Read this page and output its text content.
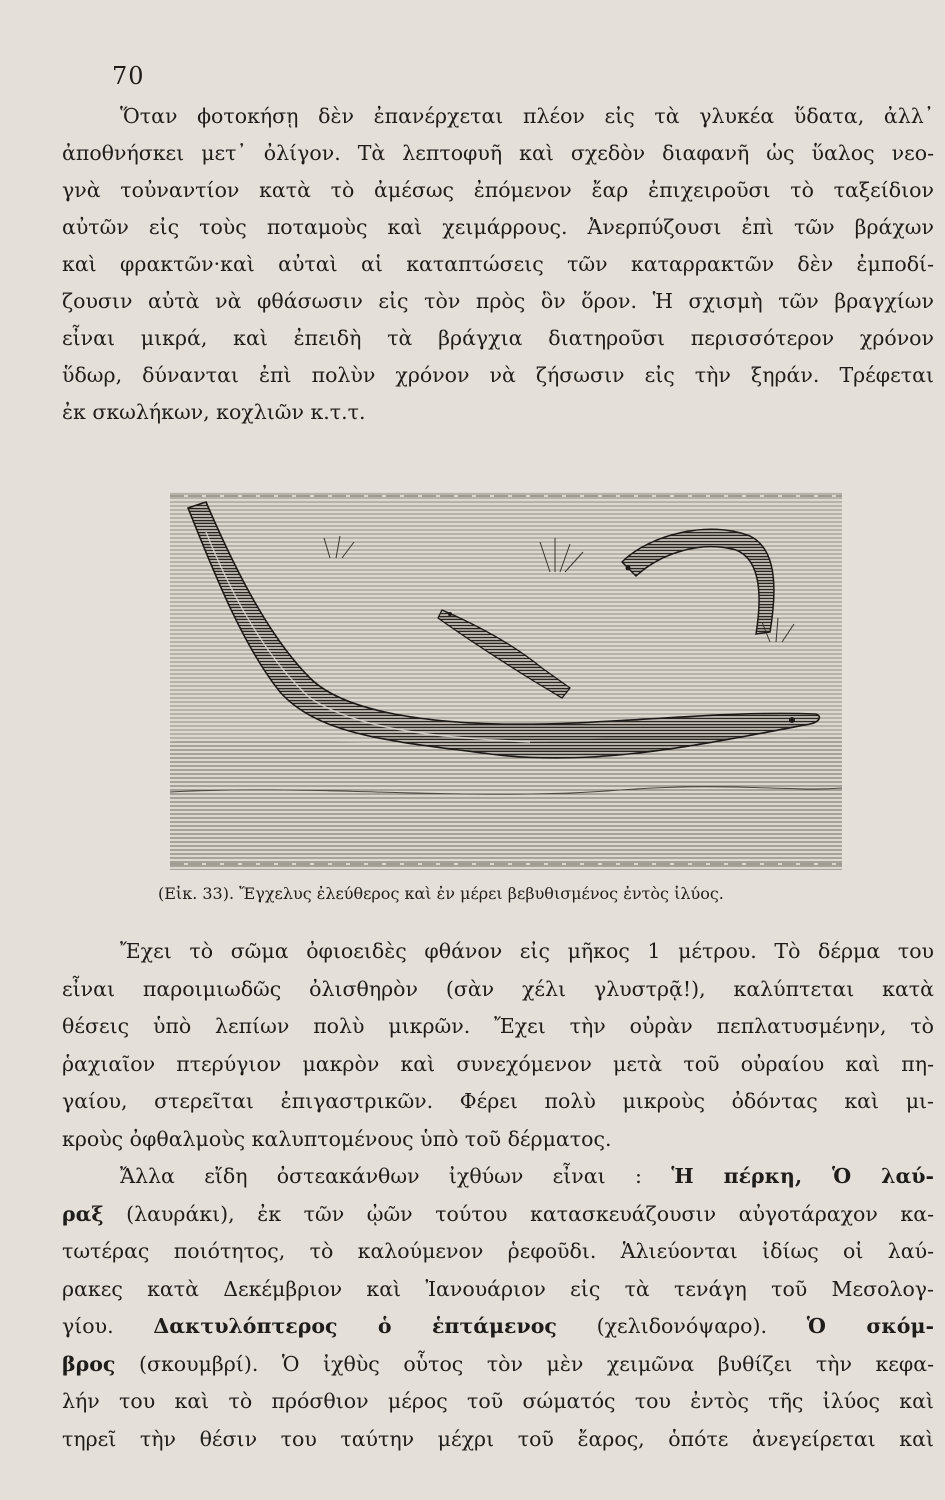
70
Ὅταν ϕοτοκήσῃ δὲν ἐπανέρχεται πλέον εἰς τὰ γλυκέα ὕδατα, ἀλλ᾽
ἀποθνήσκει μετ᾽ ὀλίγον. Τὰ λεπτοφυῆ καὶ σχεδὸν διαφανῆ ὡς ὕαλος νεο-
γνὰ τοὐναντίον κατὰ τὸ ἀμέσως ἐπόμενον ἔαρ ἐπιχειροῦσι τὸ ταξείδιον
αὐτῶν εἰς τοὺς ποταμοὺς καὶ χειμάρρους. Ἀνερπύζουσι ἐπὶ τῶν βράχων
καὶ φρακτῶν·καὶ αὐταὶ αἱ καταπτώσεις τῶν καταρρακτῶν δὲν ἐμποδί-
ζουσιν αὐτὰ νὰ φθάσωσιν εἰς τὸν πρὸς ὃν ὅρον. Ἡ σχισμὴ τῶν βραγχίων
εἶναι μικρά, καὶ ἐπειδὴ τὰ βράγχια διατηροῦσι περισσότερον χρόνον
ὕδωρ, δύνανται ἐπὶ πολὺν χρόνον νὰ ζήσωσιν εἰς τὴν ξηράν. Τρέφεται
ἐκ σκωλήκων, κοχλιῶν κ.τ.τ.
(Εἰκ. 33). Ἔγχελυς ἐλεύθερος καὶ ἐν μέρει βεβυθισμένος ἐντὸς ἰλύος.
Ἔχει τὸ σῶμα ὀφιοειδὲς φθάνον εἰς μῆκος 1 μέτρου. Τὸ δέρμα του
εἶναι παροιμιωδῶς ὀλισθηρὸν (σὰν χέλι γλυστρᾷ!), καλύπτεται κατὰ
θέσεις ὑπὸ λεπίων πολὺ μικρῶν. Ἔχει τὴν οὐρὰν πεπλατυσμένην, τὸ
ῥαχιαῖον πτερύγιον μακρὸν καὶ συνεχόμενον μετὰ τοῦ οὐραίου καὶ πη-
γαίου, στερεῖται ἐπιγαστρικῶν. Φέρει πολὺ μικροὺς ὀδόντας καὶ μι-
κροὺς ὀφθαλμοὺς καλυπτομένους ὑπὸ τοῦ δέρματος.
Ἄλλα εἴδη ὀστεακάνθων ἰχθύων εἶναι : Ἡ πέρκη, Ὁ λαύ-
ραξ (λαυράκι), ἐκ τῶν ᾠῶν τούτου κατασκευάζουσιν αὐγοτάραχον κα-
τωτέρας ποιότητος, τὸ καλούμενον ῥεφοῦδι. Ἁλιεύονται ἰδίως οἱ λαύ-
ρακες κατὰ Δεκέμβριον καὶ Ἰανουάριον εἰς τὰ τενάγη τοῦ Μεσολογ-
γίου. Δακτυλόπτερος ὁ ἑπτάμενος (χελιδονόψαρο). Ὁ σκόμ-
βρος (σκουμβρί). Ὁ ἰχθὺς οὗτος τὸν μὲν χειμῶνα βυθίζει τὴν κεφα-
λήν του καὶ τὸ πρόσθιον μέρος τοῦ σώματός του ἐντὸς τῆς ἰλύος καὶ
τηρεῖ τὴν θέσιν του ταύτην μέχρι τοῦ ἔαρος, ὁπότε ἀνεγείρεται καὶ
